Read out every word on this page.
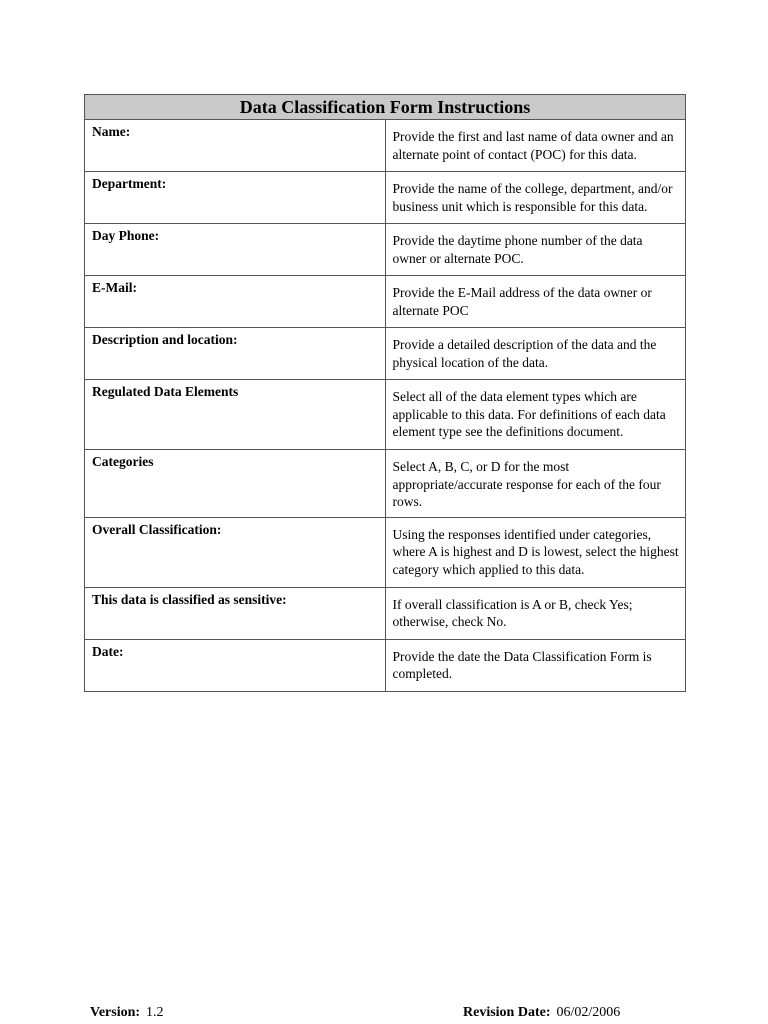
Data Classification Form Instructions	
Name:	Provide the first and last name of data owner and an alternate point of contact (POC) for this data.
Department:	Provide the name of the college, department, and/or business unit which is responsible for this data.
Day Phone:	Provide the daytime phone number of the data owner or alternate POC.
E-Mail:	Provide the E-Mail address of the data owner or alternate POC
Description and location:	Provide a detailed description of the data and the physical location of the data.
Regulated Data Elements	Select all of the data element types which are applicable to this data. For definitions of each data element type see the definitions document.
Categories	Select A, B, C, or D for the most appropriate/accurate response for each of the four rows.
Overall Classification:	Using the responses identified under categories, where A is highest and D is lowest, select the highest category which applied to this data.
This data is classified as sensitive:	If overall classification is A or B, check Yes; otherwise, check No.
Date:	Provide the date the Data Classification Form is completed.
Version: 1.2	Revision Date: 06/02/2006
